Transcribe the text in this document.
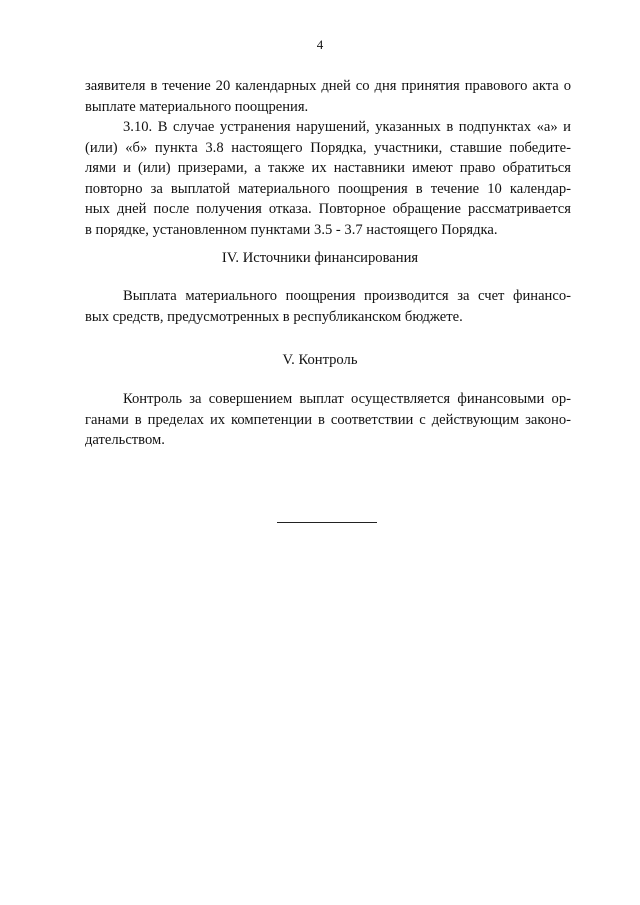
4
заявителя в течение 20 календарных дней со дня принятия правового акта о
выплате материального поощрения.
3.10. В случае устранения нарушений, указанных в подпунктах «а» и
(или) «б» пункта 3.8 настоящего Порядка, участники, ставшие победите-
лями и (или) призерами, а также их наставники имеют право обратиться
повторно за выплатой материального поощрения в течение 10 календар-
ных дней после получения отказа. Повторное обращение рассматривается
в порядке, установленном пунктами 3.5 - 3.7 настоящего Порядка.
IV. Источники финансирования
Выплата материального поощрения производится за счет финансо-
вых средств, предусмотренных в республиканском бюджете.
V. Контроль
Контроль за совершением выплат осуществляется финансовыми ор-
ганами в пределах их компетенции в соответствии с действующим законо-
дательством.
